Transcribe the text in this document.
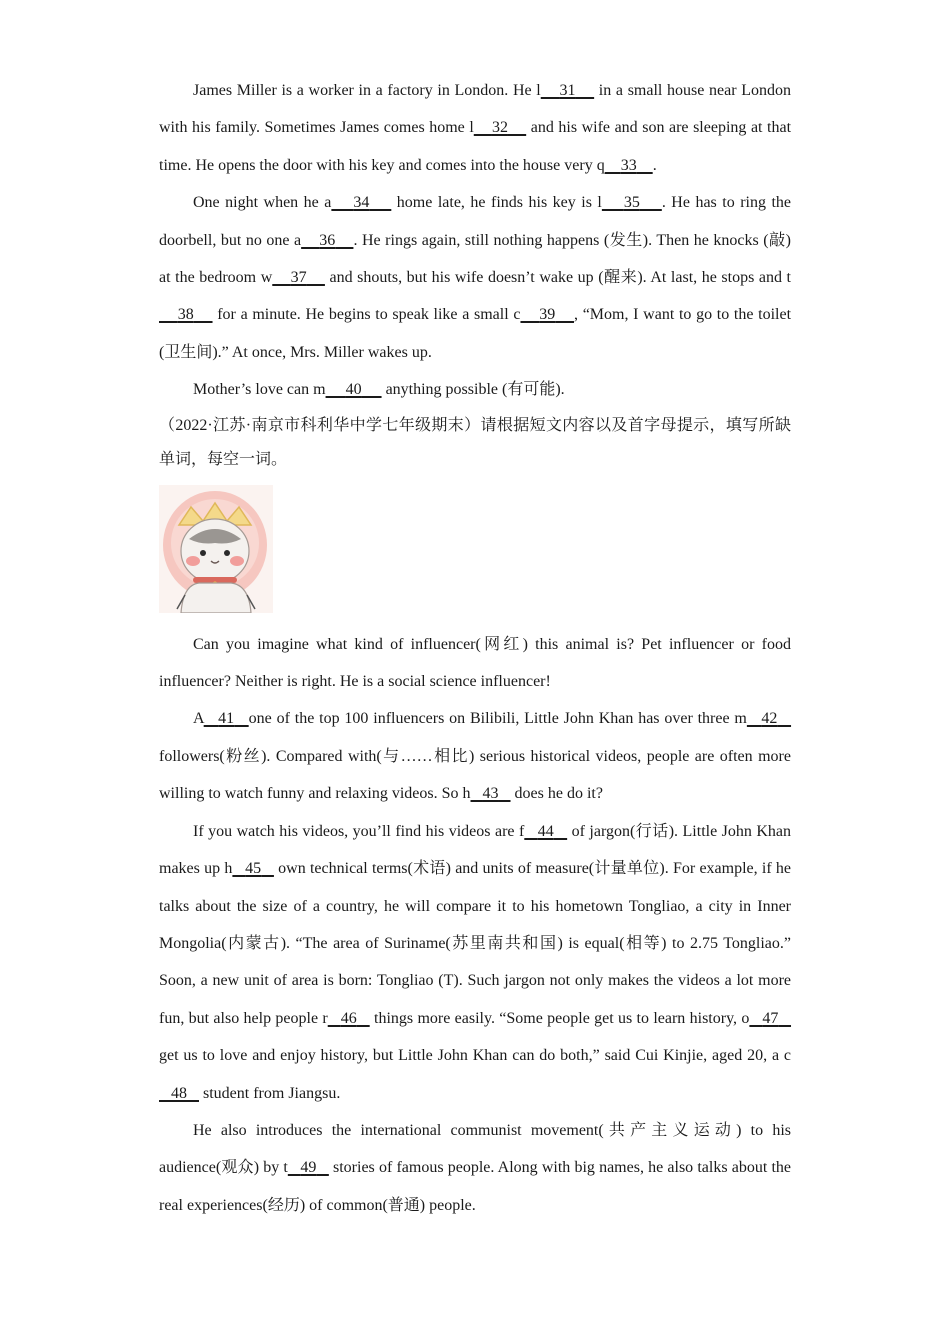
James Miller is a worker in a factory in London. He l 31     in a small house near London with his family. Sometimes James comes home l 32     and his wife and son are sleeping at that time. He opens the door with his key and comes into the house very q 33 .

One night when he a 34     home late, he finds his key is l 35 . He has to ring the doorbell, but no one a 36 . He rings again, still nothing happens (发生). Then he knocks (敲) at the bedroom w 37     and shouts, but his wife doesn’t wake up (醒来). At last, he stops and t    38     for a minute. He begins to speak like a small c 39 , “Mom, I want to go to the toilet (卫生间).” At once, Mrs. Miller wakes up.

Mother’s love can m 40      anything possible (有可能).

（2022·江苏·南京市科利华中学七年级期末）请根据短文内容以及首字母提示，填写所缺单词，每空一词。

Can you imagine what kind of influencer(网红) this animal is? Pet influencer or food influencer? Neither is right. He is a social science influencer!

A 41 one of the top 100 influencers on Bilibili, Little John Khan has over three m 42    followers(粉丝). Compared with(与……相比) serious historical videos, people are often more willing to watch funny and relaxing videos. So h 43    does he do it?

If you watch his videos, you’ll find his videos are f 44    of jargon(行话). Little John Khan makes up h 45    own technical terms(术语) and units of measure(计量单位). For example, if he talks about the size of a country, he will compare it to his hometown Tongliao, a city in Inner Mongolia(内蒙古). “The area of Suriname(苏里南共和国) is equal(相等) to 2.75 Tongliao.” Soon, a new unit of area is born: Tongliao (T). Such jargon not only makes the videos a lot more fun, but also help people r 46    things more easily. “Some people get us to learn history, o 47    get us to love and enjoy history, but Little John Khan can do both,” said Cui Kinjie, aged 20, a c   48    student from Jiangsu.

He also introduces the international communist movement(共产主义运动) to his audience(观众) by t 49    stories of famous people. Along with big names, he also talks about the real experiences(经历) of common(普通) people.
